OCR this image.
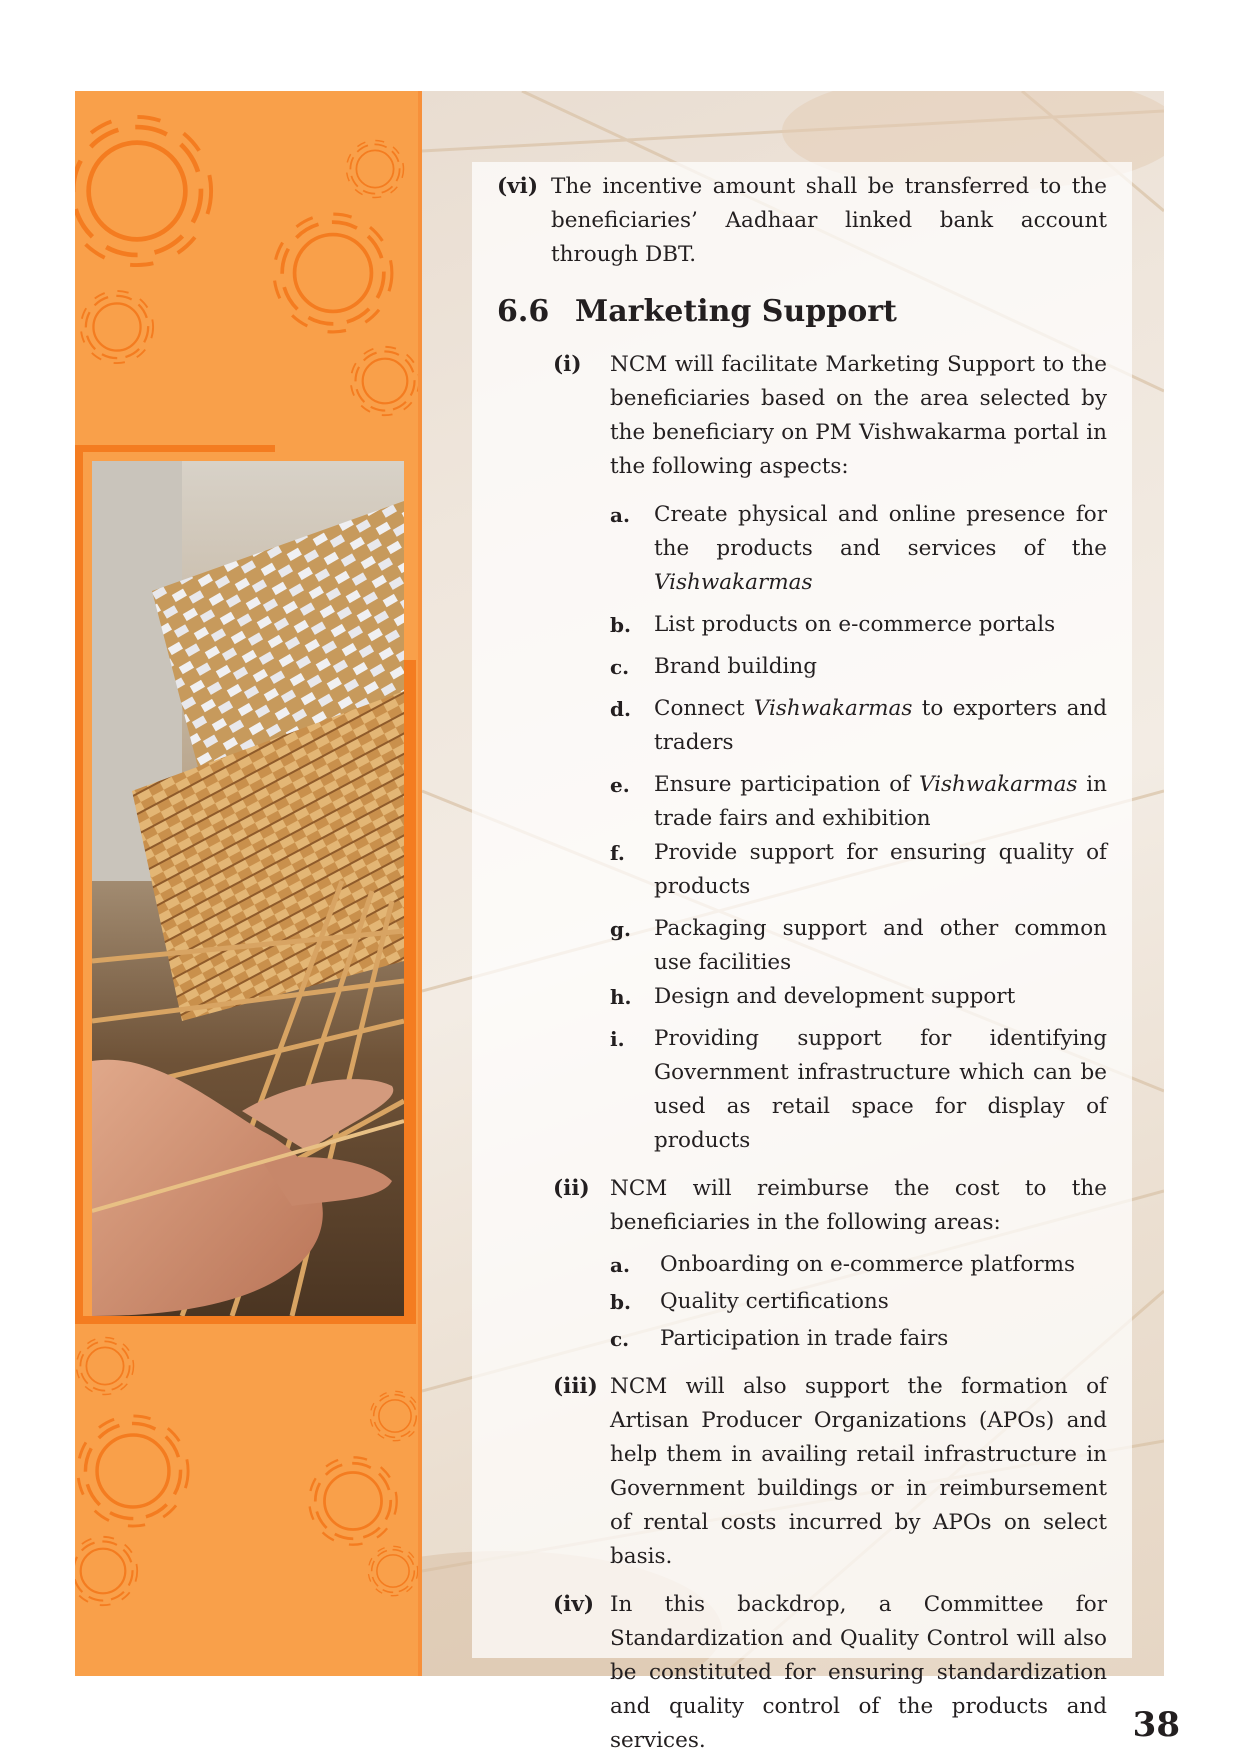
(vi) The incentive amount shall be transferred to the beneficiaries’ Aadhaar linked bank account through DBT.
6.6 Marketing Support
(i)	NCM will facilitate Marketing Support to the beneficiaries based on the area selected by the beneficiary on PM Vishwakarma portal in the following aspects:
a.	Create physical and online presence for the products and services of the Vishwakarmas
b.	List products on e-commerce portals
c.	Brand building
d.	Connect Vishwakarmas to exporters and traders
e.	Ensure participation of Vishwakarmas in trade fairs and exhibition
f.	Provide support for ensuring quality of products
g.	Packaging support and other common use facilities
h.	Design and development support
i.	Providing support for identifying Government infrastructure which can be used as retail space for display of products
(ii) NCM will reimburse the cost to the beneficiaries in the following areas:
a.	Onboarding on e-commerce platforms
b.	Quality certifications
c.	Participation in trade fairs
(iii) NCM will also support the formation of Artisan Producer Organizations (APOs) and help them in availing retail infrastructure in Government buildings or in reimbursement of rental costs incurred by APOs on select basis.
(iv) In this backdrop, a Committee for Standardization and Quality Control will also be constituted for ensuring standardization and quality control of the products and services.	38
